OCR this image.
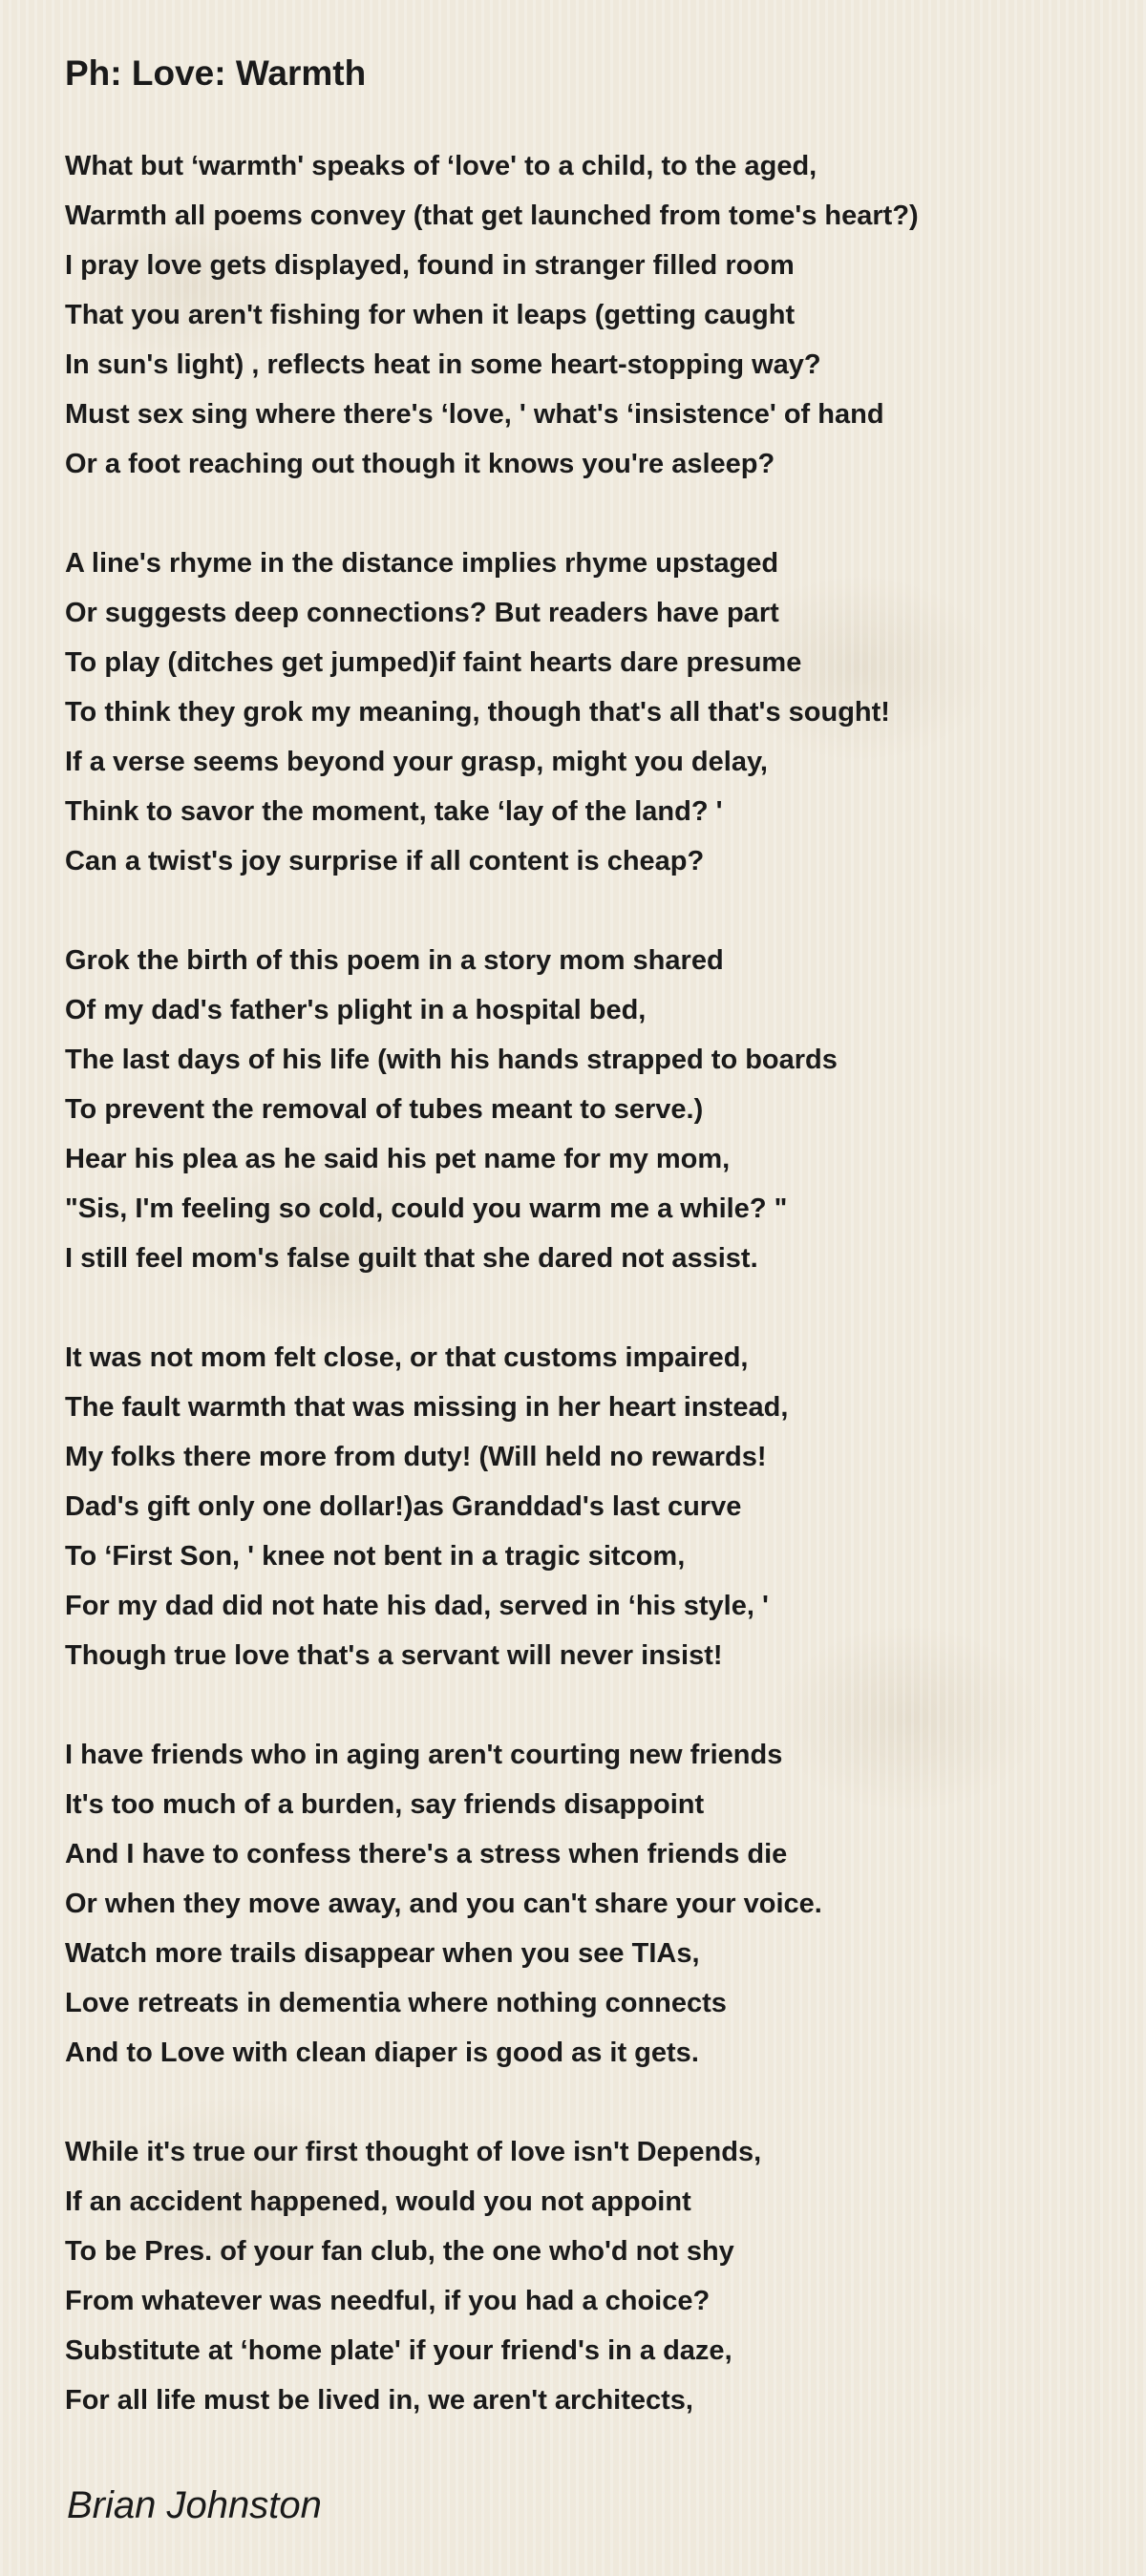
Ph: Love: Warmth
What but ‘warmth' speaks of ‘love' to a child, to the aged,
Warmth all poems convey (that get launched from tome's heart?)
I pray love gets displayed, found in stranger filled room
That you aren't fishing for when it leaps (getting caught
In sun's light) , reflects heat in some heart-stopping way?
Must sex sing where there's ‘love, ' what's ‘insistence' of hand
Or a foot reaching out though it knows you're asleep?
A line's rhyme in the distance implies rhyme upstaged
Or suggests deep connections? But readers have part
To play (ditches get jumped)if faint hearts dare presume
To think they grok my meaning, though that's all that's sought!
If a verse seems beyond your grasp, might you delay,
Think to savor the moment, take ‘lay of the land? '
Can a twist's joy surprise if all content is cheap?
Grok the birth of this poem in a story mom shared
Of my dad's father's plight in a hospital bed,
The last days of his life (with his hands strapped to boards
To prevent the removal of tubes meant to serve.)
Hear his plea as he said his pet name for my mom,
"Sis, I'm feeling so cold, could you warm me a while? "
I still feel mom's false guilt that she dared not assist.
It was not mom felt close, or that customs impaired,
The fault warmth that was missing in her heart instead,
My folks there more from duty! (Will held no rewards!
Dad's gift only one dollar!)as Granddad's last curve
To ‘First Son, ' knee not bent in a tragic sitcom,
For my dad did not hate his dad, served in ‘his style, '
Though true love that's a servant will never insist!
I have friends who in aging aren't courting new friends
It's too much of a burden, say friends disappoint
And I have to confess there's a stress when friends die
Or when they move away, and you can't share your voice.
Watch more trails disappear when you see TIAs,
Love retreats in dementia where nothing connects
And to Love with clean diaper is good as it gets.
While it's true our first thought of love isn't Depends,
If an accident happened, would you not appoint
To be Pres. of your fan club, the one who'd not shy
From whatever was needful, if you had a choice?
Substitute at ‘home plate' if your friend's in a daze,
For all life must be lived in, we aren't architects,

Brian Johnston
